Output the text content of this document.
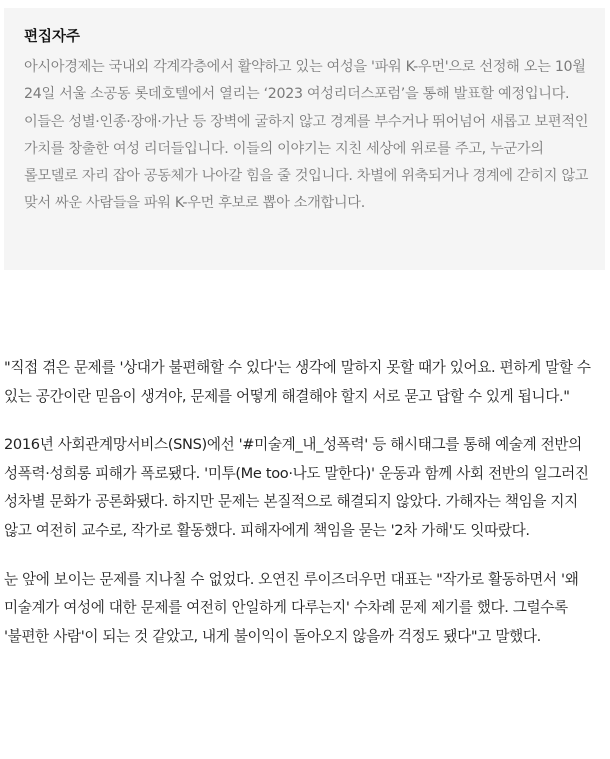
편집자주

아시아경제는 국내외 각계각층에서 활약하고 있는 여성을 '파워 K-우먼'으로 선정해 오는 10월 24일 서울 소공동 롯데호텔에서 열리는 ‘2023 여성리더스포럼’을 통해 발표할 예정입니다. 이들은 성별·인종·장애·가난 등 장벽에 굴하지 않고 경계를 부수거나 뛰어넘어 새롭고 보편적인 가치를 창출한 여성 리더들입니다. 이들의 이야기는 지친 세상에 위로를 주고, 누군가의 롤모델로 자리 잡아 공동체가 나아갈 힘을 줄 것입니다. 차별에 위축되거나 경계에 갇히지 않고 맞서 싸운 사람들을 파워 K-우먼 후보로 뽑아 소개합니다.

"직접 겪은 문제를 '상대가 불편해할 수 있다'는 생각에 말하지 못할 때가 있어요. 편하게 말할 수 있는 공간이란 믿음이 생겨야, 문제를 어떻게 해결해야 할지 서로 묻고 답할 수 있게 됩니다."

2016년 사회관계망서비스(SNS)에선 '#미술계_내_성폭력' 등 해시태그를 통해 예술계 전반의 성폭력·성희롱 피해가 폭로됐다. '미투(Me too·나도 말한다)' 운동과 함께 사회 전반의 일그러진 성차별 문화가 공론화됐다. 하지만 문제는 본질적으로 해결되지 않았다. 가해자는 책임을 지지 않고 여전히 교수로, 작가로 활동했다. 피해자에게 책임을 묻는 '2차 가해'도 잇따랐다.

눈 앞에 보이는 문제를 지나칠 수 없었다. 오연진 루이즈더우먼 대표는 "작가로 활동하면서 '왜 미술계가 여성에 대한 문제를 여전히 안일하게 다루는지' 수차례 문제 제기를 했다. 그럴수록 '불편한 사람'이 되는 것 같았고, 내게 불이익이 돌아오지 않을까 걱정도 됐다"고 말했다.
